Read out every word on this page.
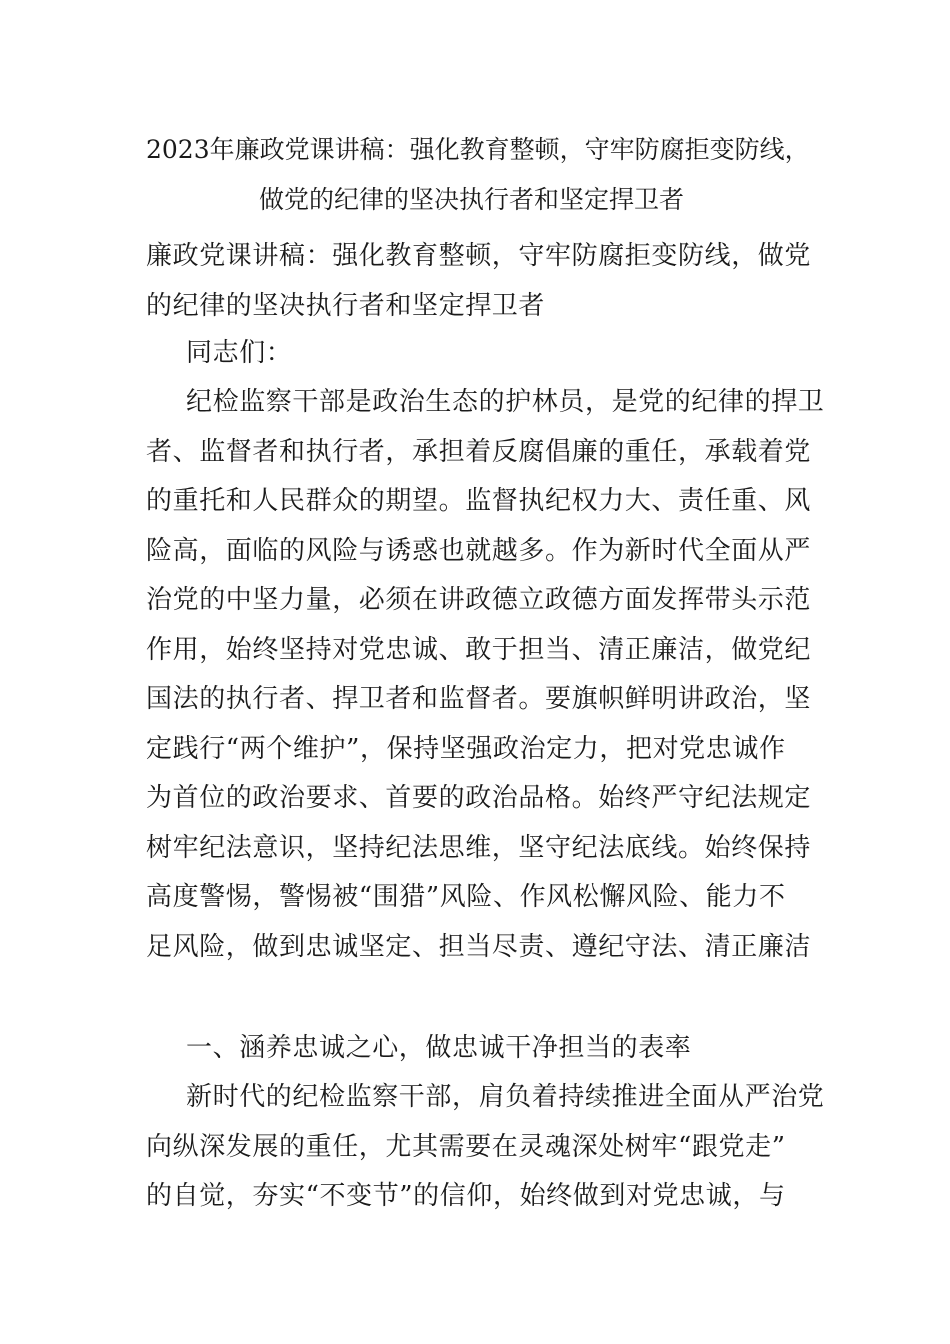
2023年廉政党课讲稿：强化教育整顿，守牢防腐拒变防线，
做党的纪律的坚决执行者和坚定捍卫者
廉政党课讲稿：强化教育整顿，守牢防腐拒变防线，做党
的纪律的坚决执行者和坚定捍卫者
同志们：
纪检监察干部是政治生态的护林员，是党的纪律的捍卫
者、监督者和执行者，承担着反腐倡廉的重任，承载着党
的重托和人民群众的期望。监督执纪权力大、责任重、风
险高，面临的风险与诱惑也就越多。作为新时代全面从严
治党的中坚力量，必须在讲政德立政德方面发挥带头示范
作用，始终坚持对党忠诚、敢于担当、清正廉洁，做党纪
国法的执行者、捍卫者和监督者。要旗帜鲜明讲政治，坚
定践行“两个维护”，保持坚强政治定力，把对党忠诚作
为首位的政治要求、首要的政治品格。始终严守纪法规定
树牢纪法意识，坚持纪法思维，坚守纪法底线。始终保持
高度警惕，警惕被“围猎”风险、作风松懈风险、能力不
足风险，做到忠诚坚定、担当尽责、遵纪守法、清正廉洁
一、涵养忠诚之心，做忠诚干净担当的表率
新时代的纪检监察干部，肩负着持续推进全面从严治党
向纵深发展的重任，尤其需要在灵魂深处树牢“跟党走”
的自觉，夯实“不变节”的信仰，始终做到对党忠诚，与
